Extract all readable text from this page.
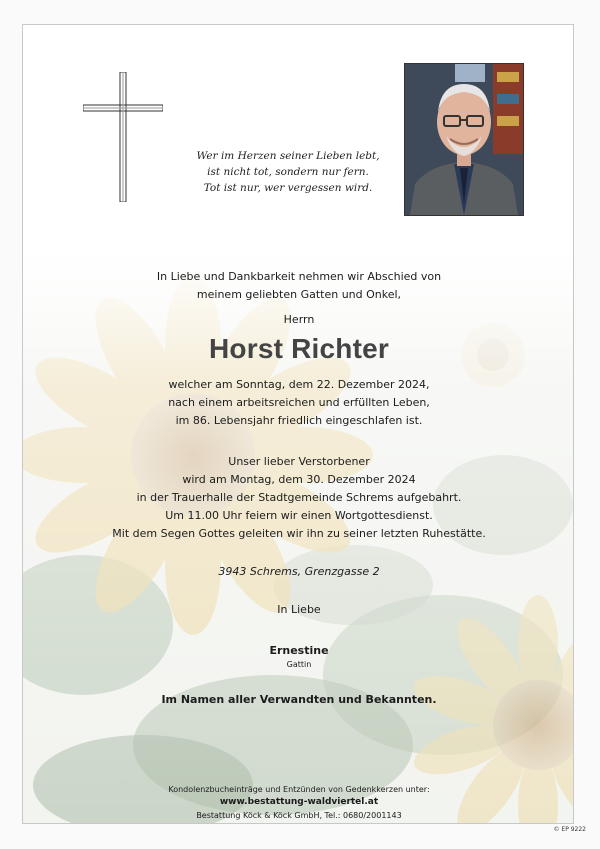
Wer im Herzen seiner Lieben lebt,
ist nicht tot, sondern nur fern.
Tot ist nur, wer vergessen wird.
In Liebe und Dankbarkeit nehmen wir Abschied von
meinem geliebten Gatten und Onkel,
Herrn
Horst Richter
welcher am Sonntag, dem 22. Dezember 2024,
nach einem arbeitsreichen und erfüllten Leben,
im 86. Lebensjahr friedlich eingeschlafen ist.
Unser lieber Verstorbener
wird am Montag, dem 30. Dezember 2024
in der Trauerhalle der Stadtgemeinde Schrems aufgebahrt.
Um 11.00 Uhr feiern wir einen Wortgottesdienst.
Mit dem Segen Gottes geleiten wir ihn zu seiner letzten Ruhestätte.
3943 Schrems, Grenzgasse 2
In Liebe
Ernestine
Gattin
Im Namen aller Verwandten und Bekannten.
Kondolenzbucheinträge und Entzünden von Gedenkkerzen unter:
www.bestattung-waldviertel.at
Bestattung Köck & Köck GmbH, Tel.: 0680/2001143
© EP 9222
